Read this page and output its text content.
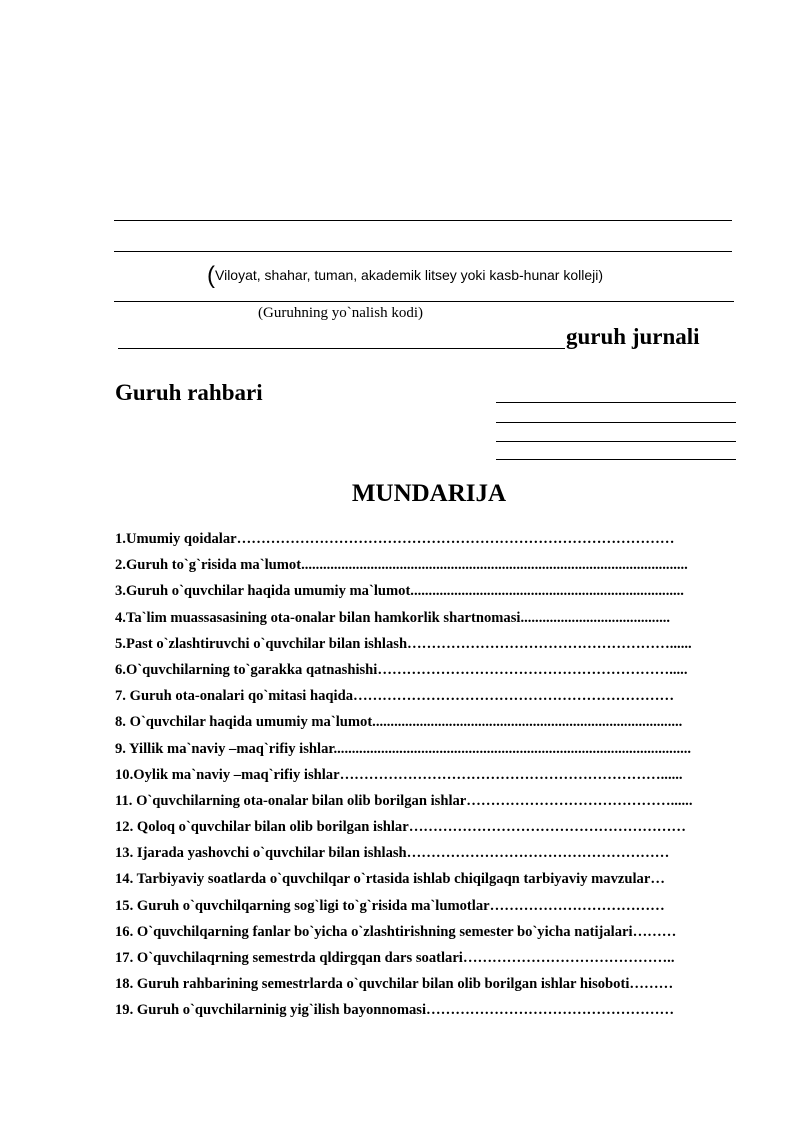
(Viloyat, shahar, tuman, akademik litsey yoki kasb-hunar kolleji)
(Guruhning yo`nalish kodi)
guruh jurnali
Guruh rahbari
MUNDARIJA
1.Umumiy qoidalar………………………………………………………………………………
2.Guruh to`g`risida ma`lumot..........................................................................................................
3.Guruh o`quvchilar haqida umumiy ma`lumot...........................................................................
4.Ta`lim muassasasining ota-onalar bilan hamkorlik shartnomasi.........................................
5.Past o`zlashtiruvchi o`quvchilar bilan ishlash………………………………………………......
6.O`quvchilarning to`garakka qatnashishi…………………………………………………….....
7. Guruh ota-onalari qo`mitasi haqida…………………………………………………………
8. O`quvchilar haqida umumiy ma`lumot.....................................................................................
9. Yillik ma`naviy –maq`rifiy ishlar..................................................................................................
10.Oylik ma`naviy –maq`rifiy ishlar…………………………………………………………......
11. O`quvchilarning ota-onalar bilan olib borilgan ishlar……………………………………......
12. Qoloq o`quvchilar bilan olib borilgan ishlar…………………………………………………
13. Ijarada yashovchi o`quvchilar bilan ishlash………………………………………………
14. Tarbiyaviy soatlarda o`quvchilqar o`rtasida ishlab chiqilgaqn tarbiyaviy mavzular…
15. Guruh o`quvchilqarning sog`ligi to`g`risida ma`lumotlar………………………………
16. O`quvchilqarning fanlar bo`yicha o`zlashtirishning semester bo`yicha natijalari………
17. O`quvchilaqrning semestrda qldirgqan dars soatlari……………………………………..
18. Guruh rahbarining semestrlarda o`quvchilar bilan olib borilgan ishlar hisoboti………
19. Guruh o`quvchilarninig yig`ilish bayonnomasi……………………………………………
